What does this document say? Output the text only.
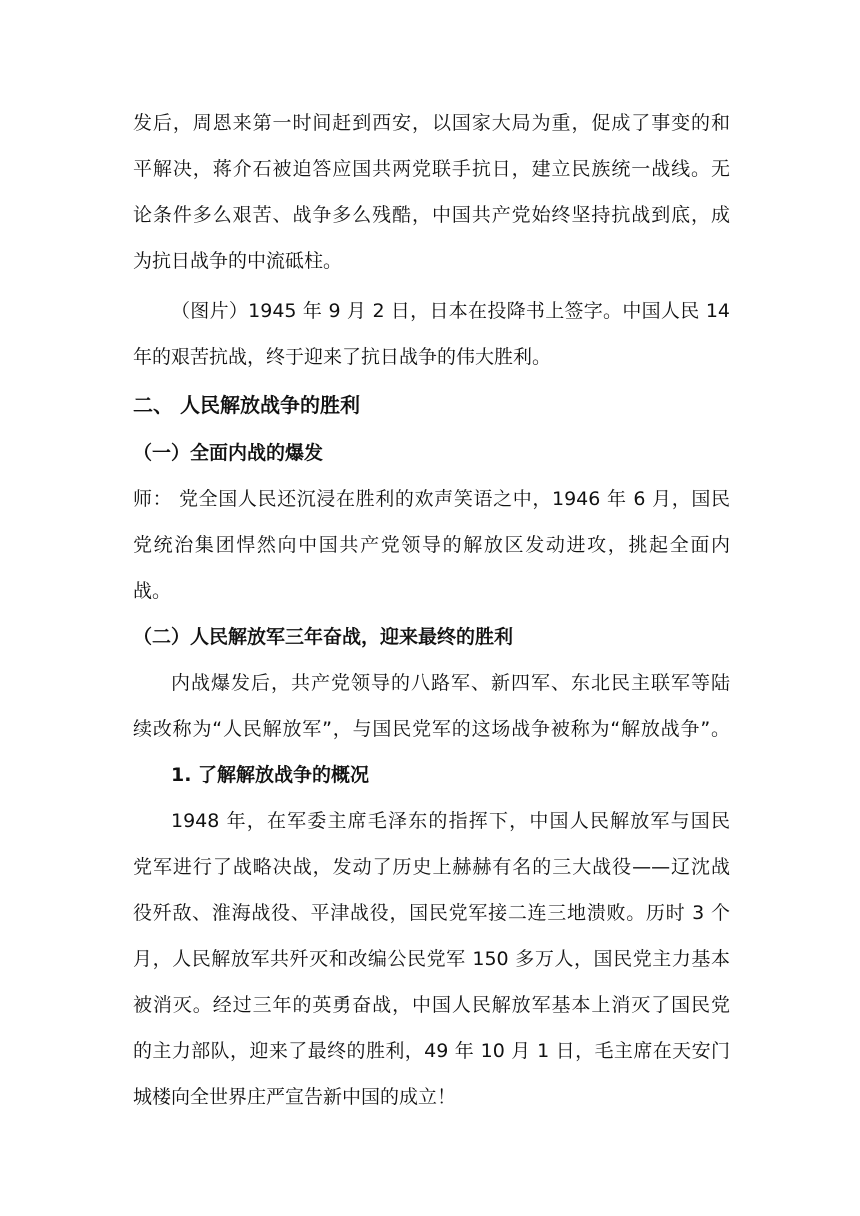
发后，周恩来第一时间赶到西安，以国家大局为重，促成了事变的和
平解决，蒋介石被迫答应国共两党联手抗日，建立民族统一战线。无
论条件多么艰苦、战争多么残酷，中国共产党始终坚持抗战到底，成
为抗日战争的中流砥柱。
（图片）1945 年 9 月 2 日，日本在投降书上签字。中国人民 14
年的艰苦抗战，终于迎来了抗日战争的伟大胜利。
二、 人民解放战争的胜利
（一）全面内战的爆发
师： 党全国人民还沉浸在胜利的欢声笑语之中，1946 年 6 月，国民
党统治集团悍然向中国共产党领导的解放区发动进攻，挑起全面内
战。
（二）人民解放军三年奋战，迎来最终的胜利
内战爆发后，共产党领导的八路军、新四军、东北民主联军等陆
续改称为“人民解放军”，与国民党军的这场战争被称为“解放战争”。
1. 了解解放战争的概况
1948 年，在军委主席毛泽东的指挥下，中国人民解放军与国民
党军进行了战略决战，发动了历史上赫赫有名的三大战役——辽沈战
役歼敌、淮海战役、平津战役，国民党军接二连三地溃败。历时 3 个
月，人民解放军共歼灭和改编公民党军 150 多万人，国民党主力基本
被消灭。经过三年的英勇奋战，中国人民解放军基本上消灭了国民党
的主力部队，迎来了最终的胜利，49 年 10 月 1 日，毛主席在天安门
城楼向全世界庄严宣告新中国的成立！
